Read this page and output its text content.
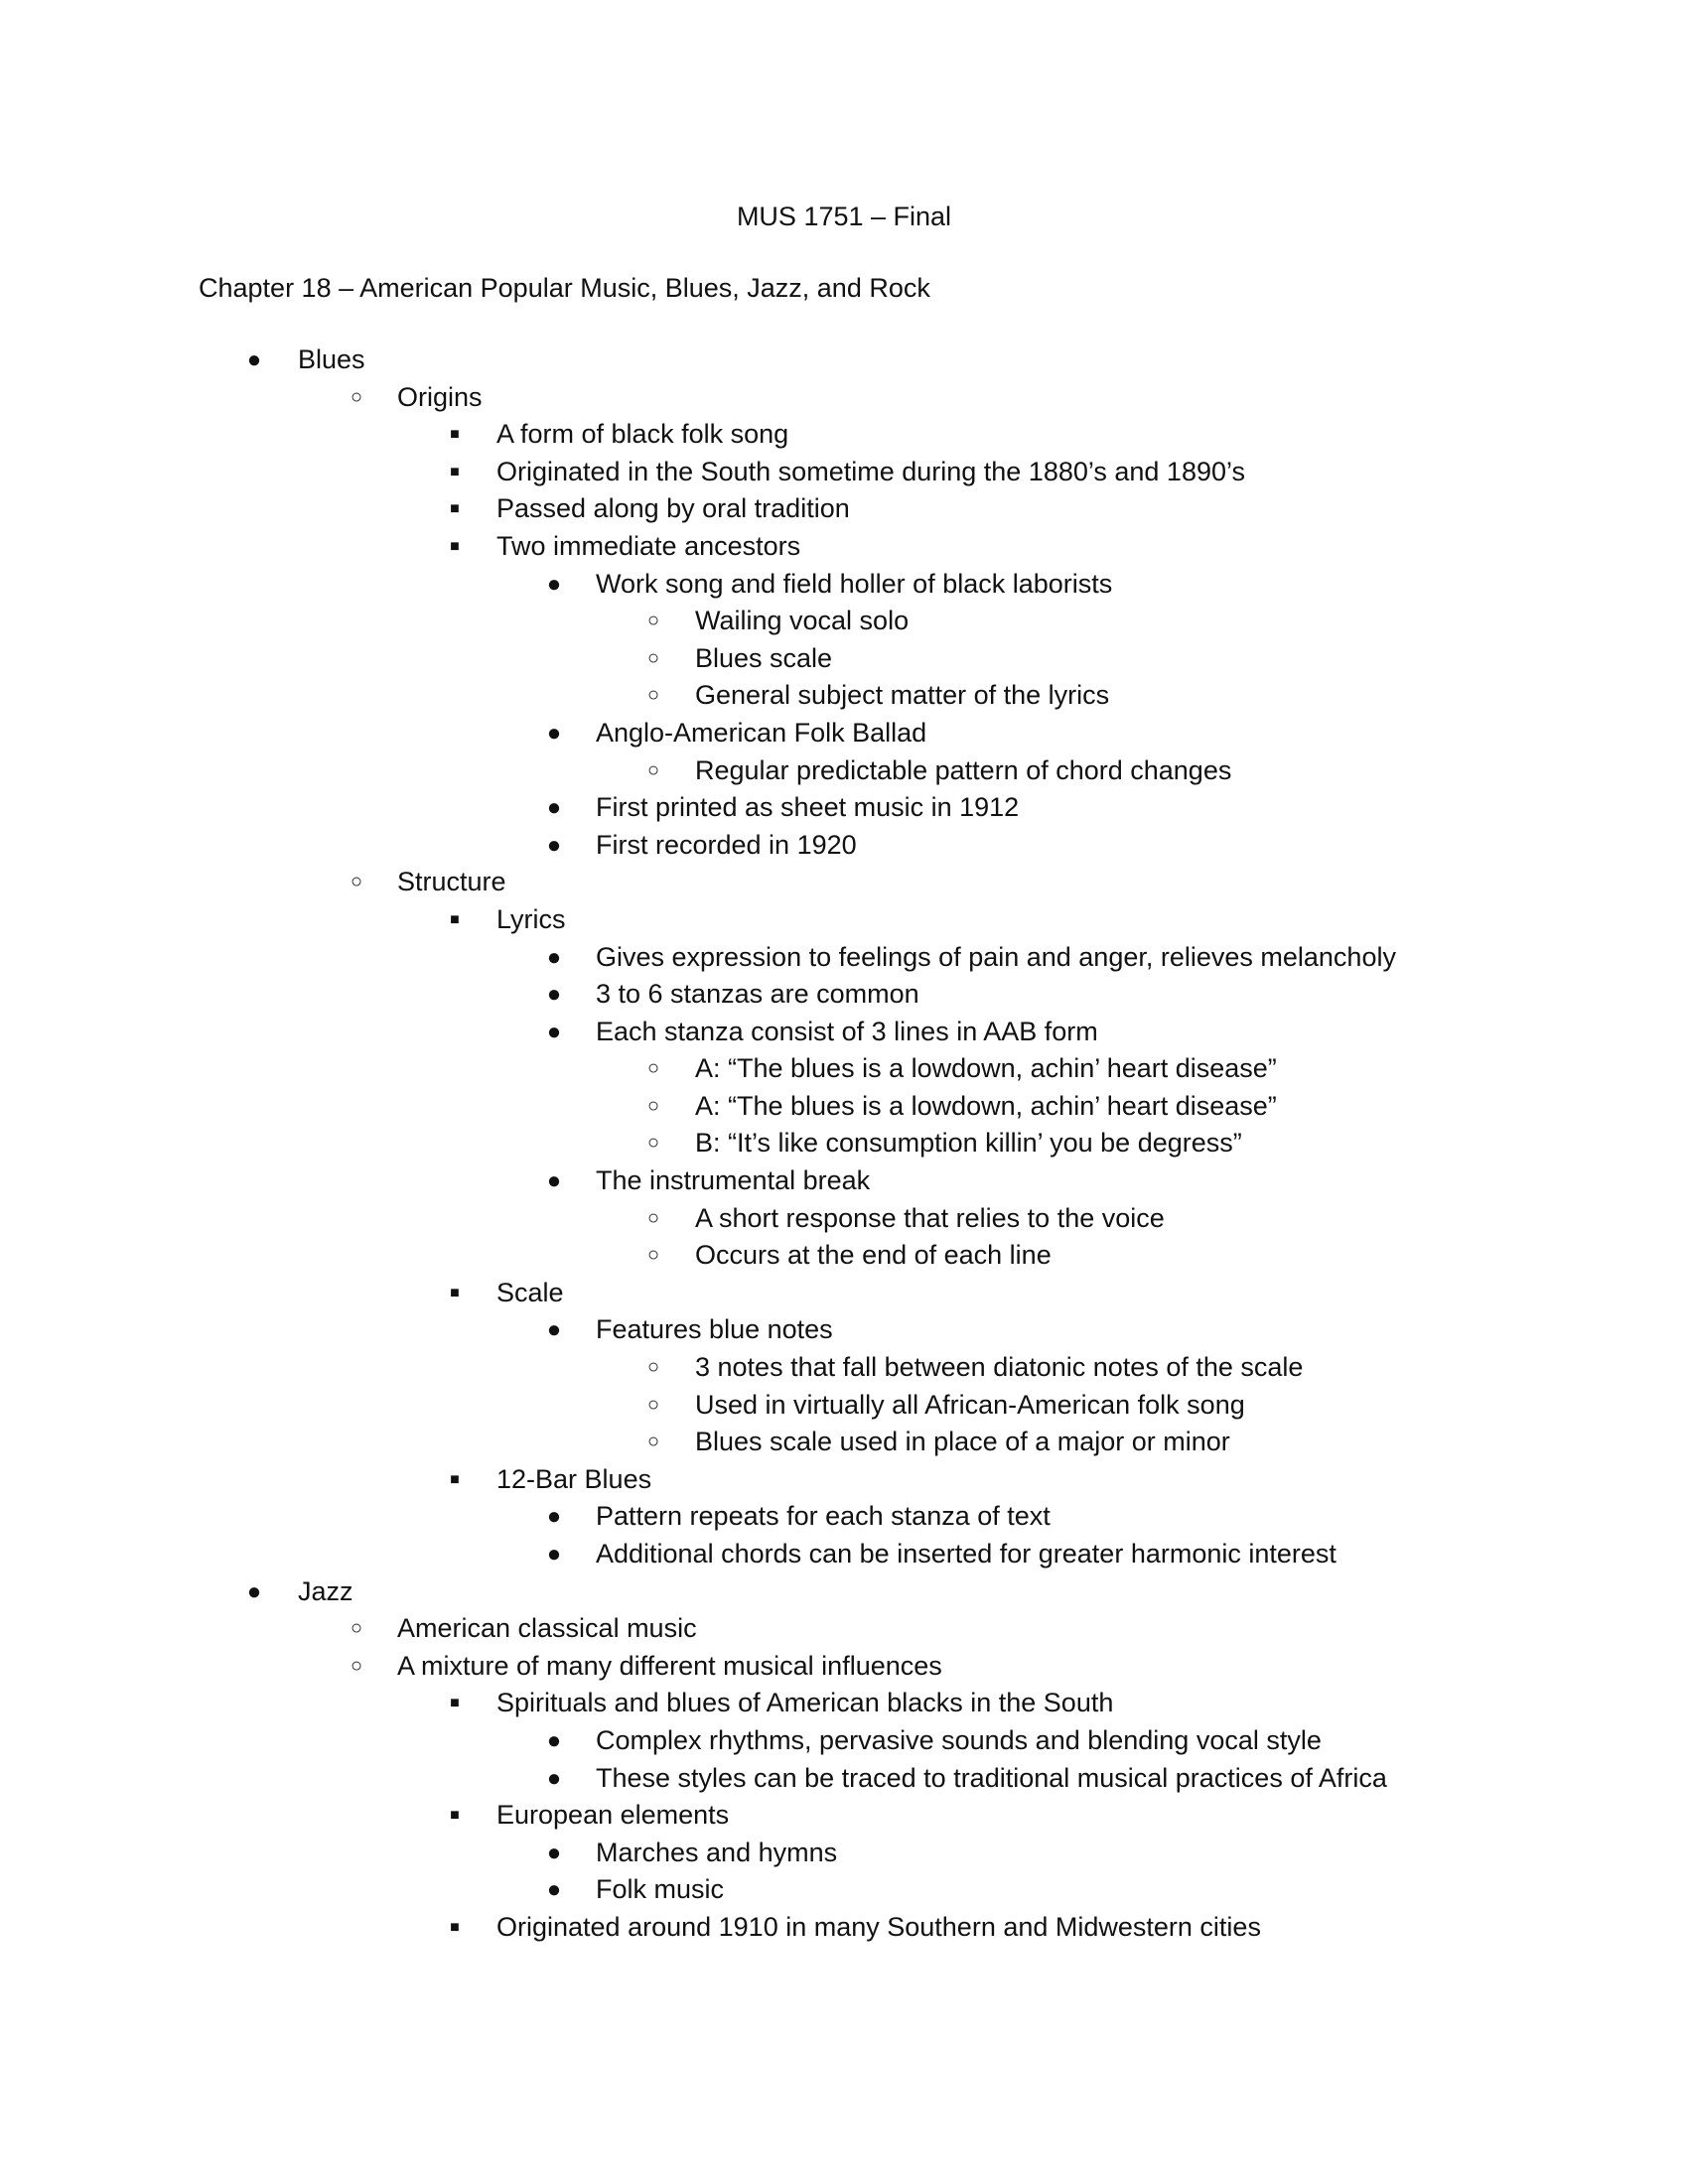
MUS 1751 – Final
Chapter 18 – American Popular Music, Blues, Jazz, and Rock
● Blues
○ Origins
■ A form of black folk song
■ Originated in the South sometime during the 1880’s and 1890’s
■ Passed along by oral tradition
■ Two immediate ancestors
● Work song and field holler of black laborists
○ Wailing vocal solo
○ Blues scale
○ General subject matter of the lyrics
● Anglo-American Folk Ballad
○ Regular predictable pattern of chord changes
● First printed as sheet music in 1912
● First recorded in 1920
○ Structure
■ Lyrics
● Gives expression to feelings of pain and anger, relieves melancholy
● 3 to 6 stanzas are common
● Each stanza consist of 3 lines in AAB form
○ A: “The blues is a lowdown, achin’ heart disease”
○ A: “The blues is a lowdown, achin’ heart disease”
○ B: “It’s like consumption killin’ you be degress”
● The instrumental break
○ A short response that relies to the voice
○ Occurs at the end of each line
■ Scale
● Features blue notes
○ 3 notes that fall between diatonic notes of the scale
○ Used in virtually all African-American folk song
○ Blues scale used in place of a major or minor
■ 12-Bar Blues
● Pattern repeats for each stanza of text
● Additional chords can be inserted for greater harmonic interest
● Jazz
○ American classical music
○ A mixture of many different musical influences
■ Spirituals and blues of American blacks in the South
● Complex rhythms, pervasive sounds and blending vocal style
● These styles can be traced to traditional musical practices of Africa
■ European elements
● Marches and hymns
● Folk music
■ Originated around 1910 in many Southern and Midwestern cities
